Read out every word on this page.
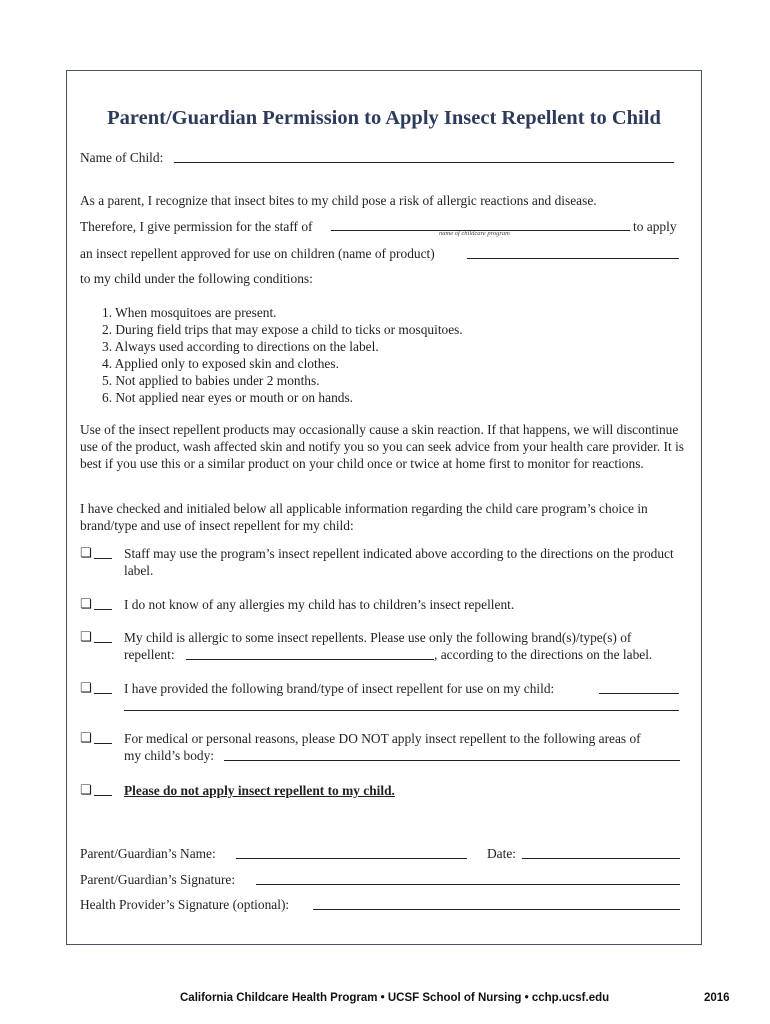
Parent/Guardian Permission to Apply Insect Repellent to Child
Name of Child:
As a parent, I recognize that insect bites to my child pose a risk of allergic reactions and disease.
Therefore, I give permission for the staff of	name of childcare program	to apply
an insect repellent approved for use on children (name of product)
to my child under the following conditions:
1. When mosquitoes are present.
2. During field trips that may expose a child to ticks or mosquitoes.
3. Always used according to directions on the label.
4. Applied only to exposed skin and clothes.
5. Not applied to babies under 2 months.
6. Not applied near eyes or mouth or on hands.
Use of the insect repellent products may occasionally cause a skin reaction. If that happens, we will discontinue use of the product, wash affected skin and notify you so you can seek advice from your health care provider. It is best if you use this or a similar product on your child once or twice at home first to monitor for reactions.
I have checked and initialed below all applicable information regarding the child care program’s choice in brand/type and use of insect repellent for my child:
❏ Staff may use the program’s insect repellent indicated above according to the directions on the product label.
❏ I do not know of any allergies my child has to children’s insect repellent.
❏ My child is allergic to some insect repellents. Please use only the following brand(s)/type(s) of
repellent:	, according to the directions on the label.
❏ I have provided the following brand/type of insect repellent for use on my child:
❏ For medical or personal reasons, please DO NOT apply insect repellent to the following areas of
my child’s body:
❏ Please do not apply insect repellent to my child.
Parent/Guardian’s Name:	Date:
Parent/Guardian’s Signature:
Health Provider’s Signature (optional):
California Childcare Health Program • UCSF School of Nursing • cchp.ucsf.edu	2016
